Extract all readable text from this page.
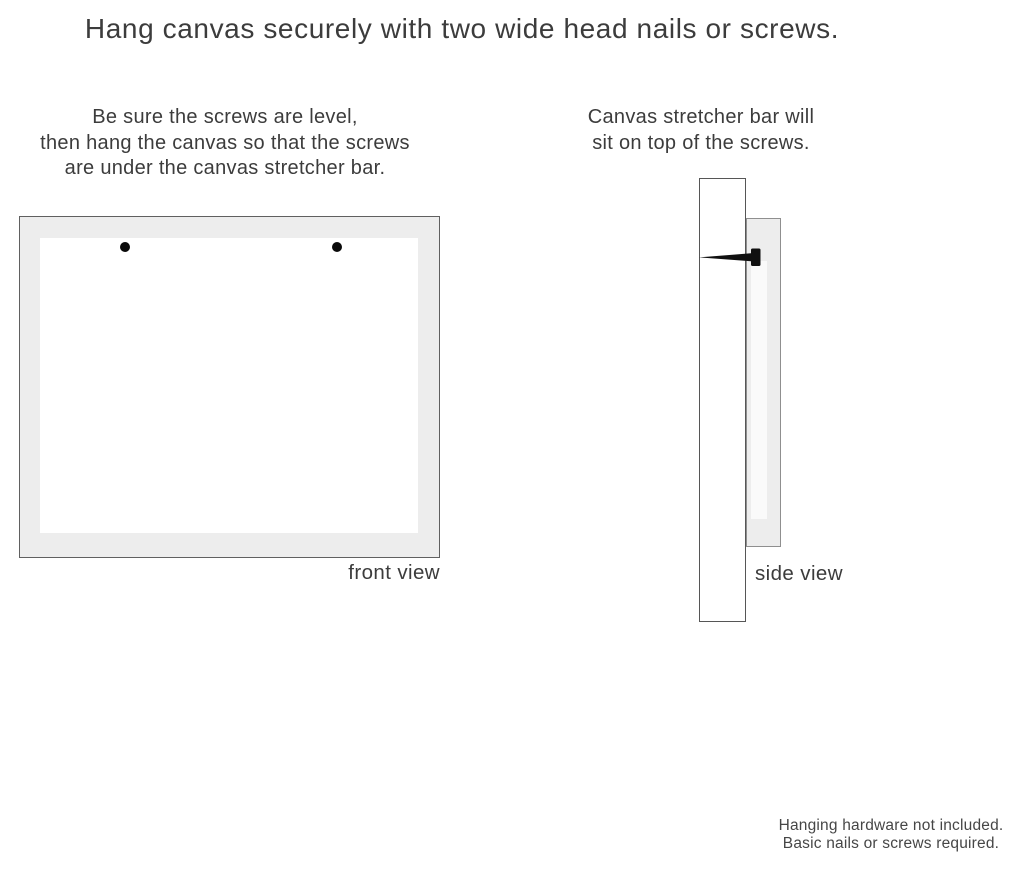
Hang canvas securely with two wide head nails or screws.
Be sure the screws are level,
then hang the canvas so that the screws
are under the canvas stretcher bar.
Canvas stretcher bar will
sit on top of the screws.
front view	side view
Hanging hardware not included.
Basic nails or screws required.
